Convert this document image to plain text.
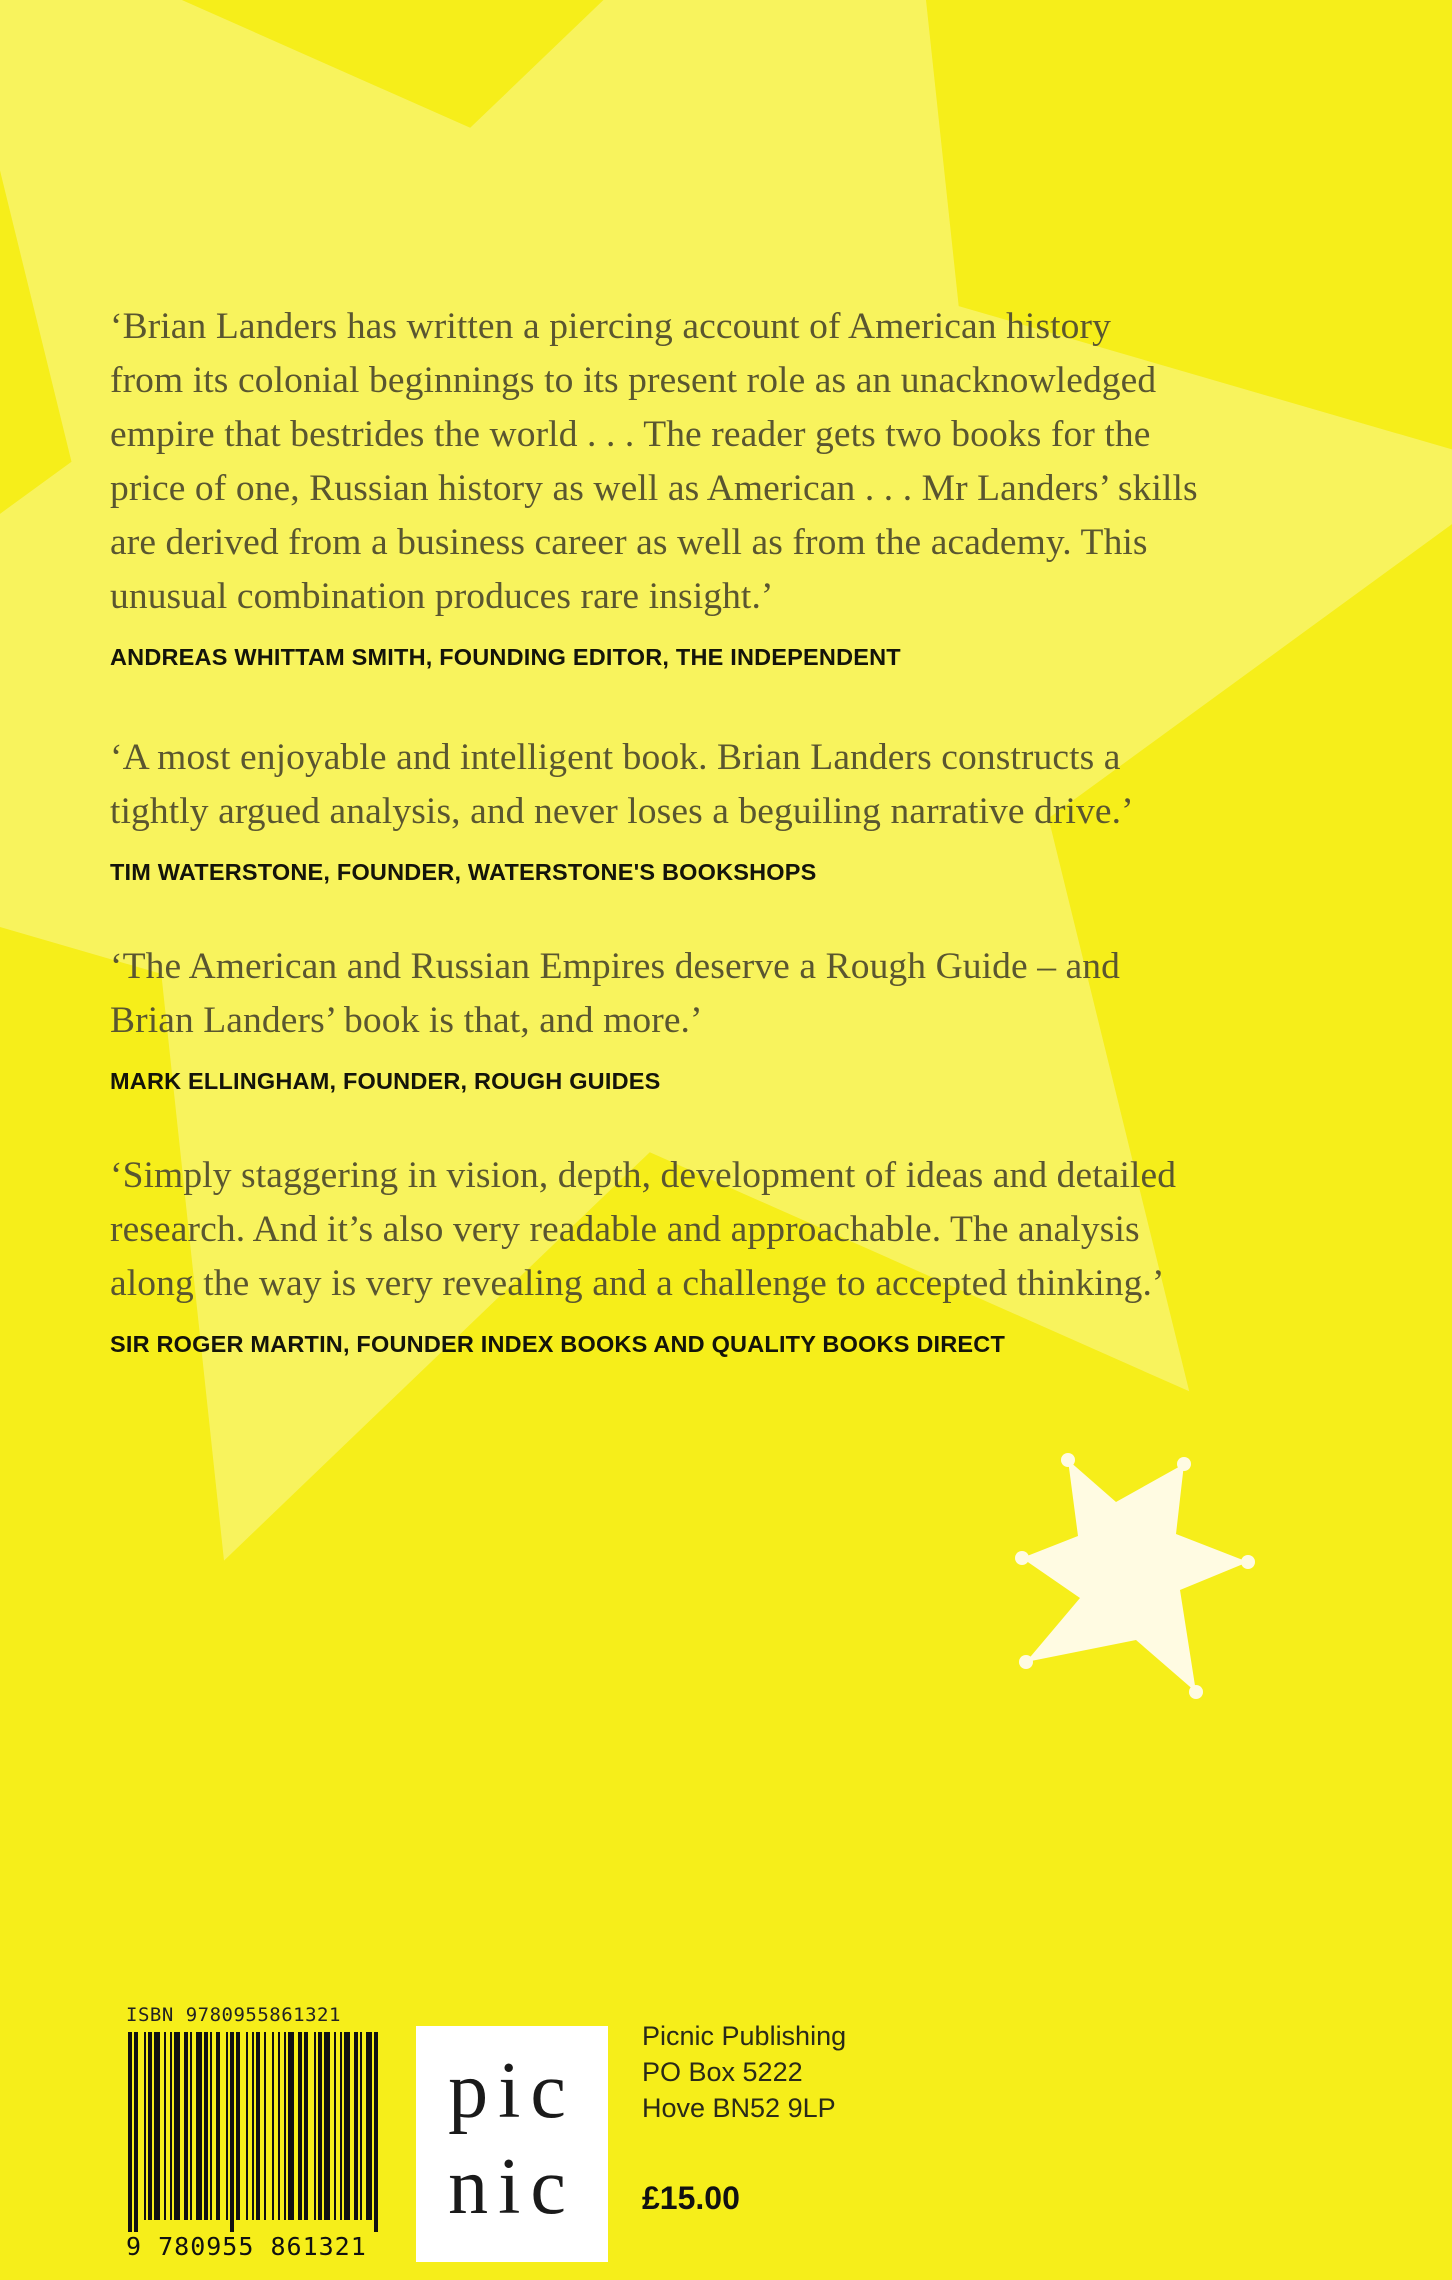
‘Brian Landers has written a piercing account of American history
from its colonial beginnings to its present role as an unacknowledged
empire that bestrides the world . . . The reader gets two books for the
price of one, Russian history as well as American . . . Mr Landers’ skills
are derived from a business career as well as from the academy. This
unusual combination produces rare insight.’

ANDREAS WHITTAM SMITH, FOUNDING EDITOR, THE INDEPENDENT

‘A most enjoyable and intelligent book. Brian Landers constructs a
tightly argued analysis, and never loses a beguiling narrative drive.’

TIM WATERSTONE, FOUNDER, WATERSTONE'S BOOKSHOPS

‘The American and Russian Empires deserve a Rough Guide – and
Brian Landers’ book is that, and more.’

MARK ELLINGHAM, FOUNDER, ROUGH GUIDES

‘Simply staggering in vision, depth, development of ideas and detailed
research. And it’s also very readable and approachable. The analysis
along the way is very revealing and a challenge to accepted thinking.’

SIR ROGER MARTIN, FOUNDER INDEX BOOKS AND QUALITY BOOKS DIRECT
ISBN 9780955861321
9 780955 861321
pic
nic
Picnic Publishing
PO Box 5222
Hove BN52 9LP
£15.00
